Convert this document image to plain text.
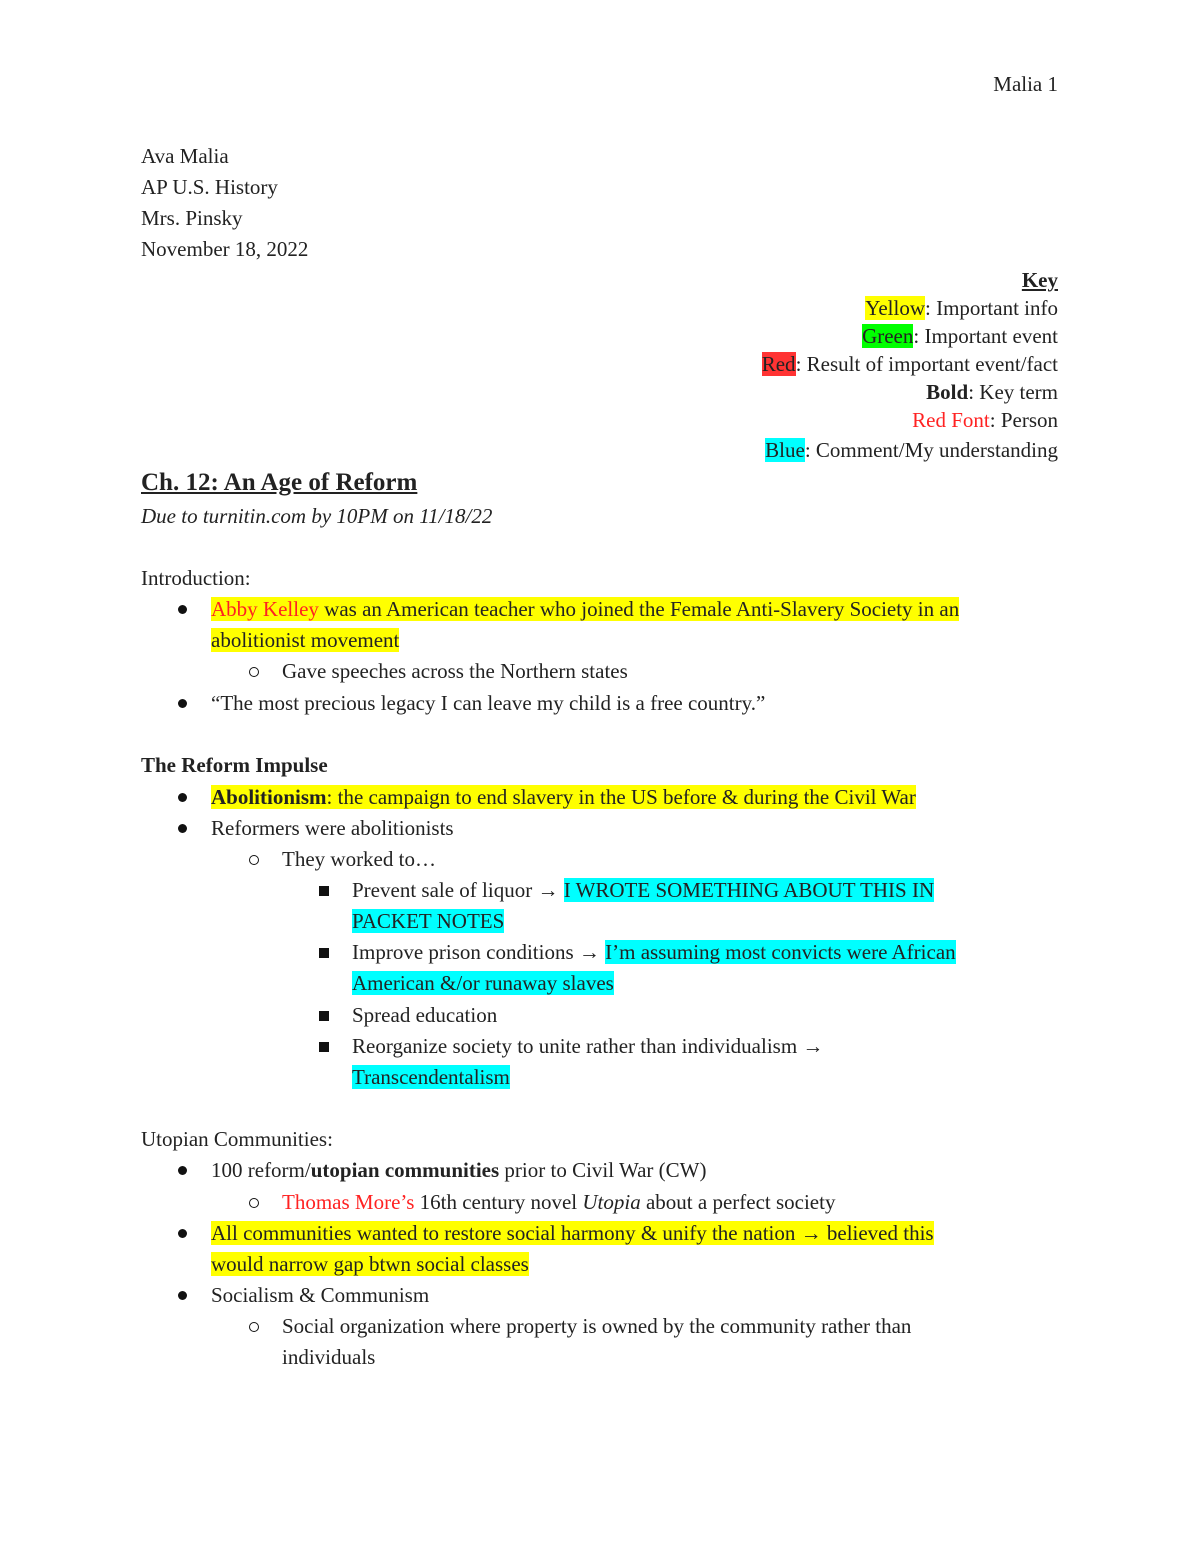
Malia 1
Ava Malia
AP U.S. History
Mrs. Pinsky
November 18, 2022
Key
Yellow: Important info
Green: Important event
Red: Result of important event/fact
Bold: Key term
Red Font: Person
Blue: Comment/My understanding
Ch. 12: An Age of Reform
Due to turnitin.com by 10PM on 11/18/22
Introduction:
Abby Kelley was an American teacher who joined the Female Anti-Slavery Society in an
abolitionist movement
Gave speeches across the Northern states
“The most precious legacy I can leave my child is a free country.”
The Reform Impulse
Abolitionism: the campaign to end slavery in the US before & during the Civil War
Reformers were abolitionists
They worked to…
Prevent sale of liquor → I WROTE SOMETHING ABOUT THIS IN
PACKET NOTES
Improve prison conditions → I’m assuming most convicts were African
American &/or runaway slaves
Spread education
Reorganize society to unite rather than individualism →
Transcendentalism
Utopian Communities:
100 reform/utopian communities prior to Civil War (CW)
Thomas More’s 16th century novel Utopia about a perfect society
All communities wanted to restore social harmony & unify the nation → believed this
would narrow gap btwn social classes
Socialism & Communism
Social organization where property is owned by the community rather than
individuals
